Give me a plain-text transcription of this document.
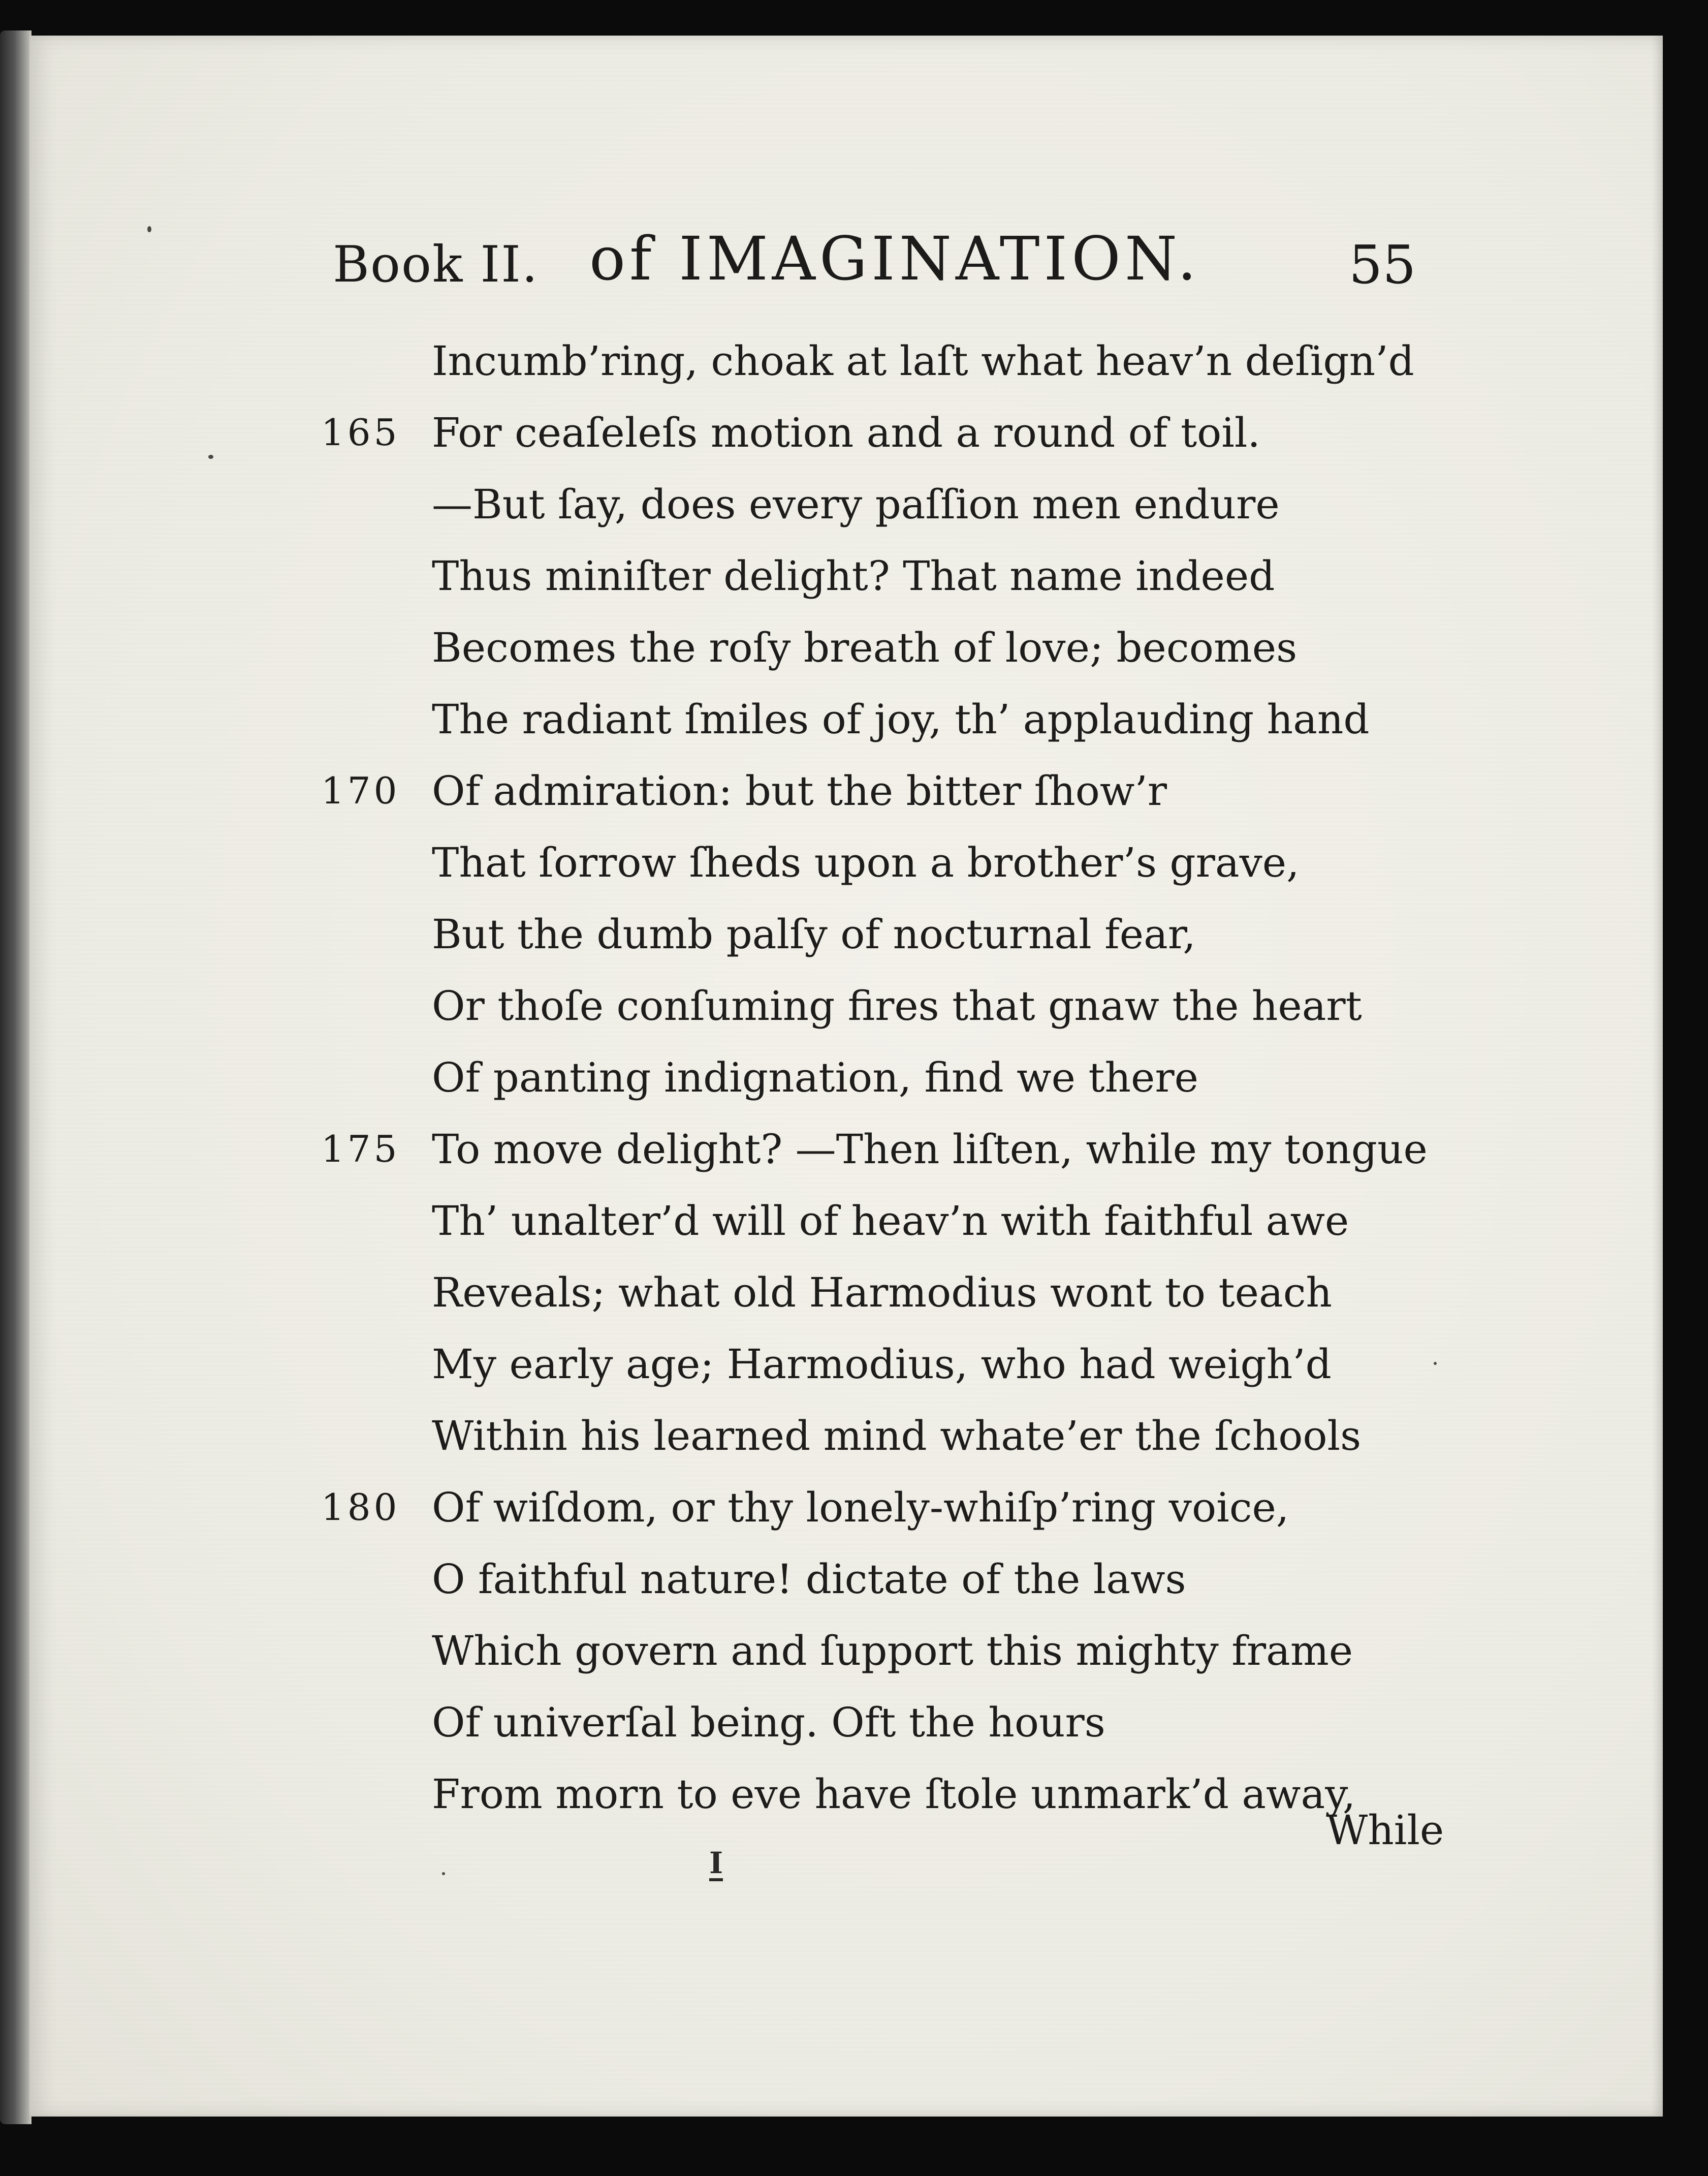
Book II. of IMAGINATION.	55
Incumb’ring, choak at laſt what heav’n deſign’d
165 For ceaſeleſs motion and a round of toil.
—But ſay, does every paſſion men endure
Thus miniſter delight? That name indeed
Becomes the roſy breath of love; becomes
The radiant ſmiles of joy, th’ applauding hand
170 Of admiration: but the bitter ſhow’r
That ſorrow ſheds upon a brother’s grave,
But the dumb palſy of nocturnal fear,
Or thoſe conſuming fires that gnaw the heart
Of panting indignation, find we there
175 To move delight? —Then liſten, while my tongue
Th’ unalter’d will of heav’n with faithful awe
Reveals; what old Harmodius wont to teach
My early age; Harmodius, who had weigh’d
Within his learned mind whate’er the ſchools
180 Of wiſdom, or thy lonely-whiſp’ring voice,
O faithful nature! dictate of the laws
Which govern and ſupport this mighty frame
Of univerſal being. Oft the hours
From morn to eve have ſtole unmark’d away,
While
I
